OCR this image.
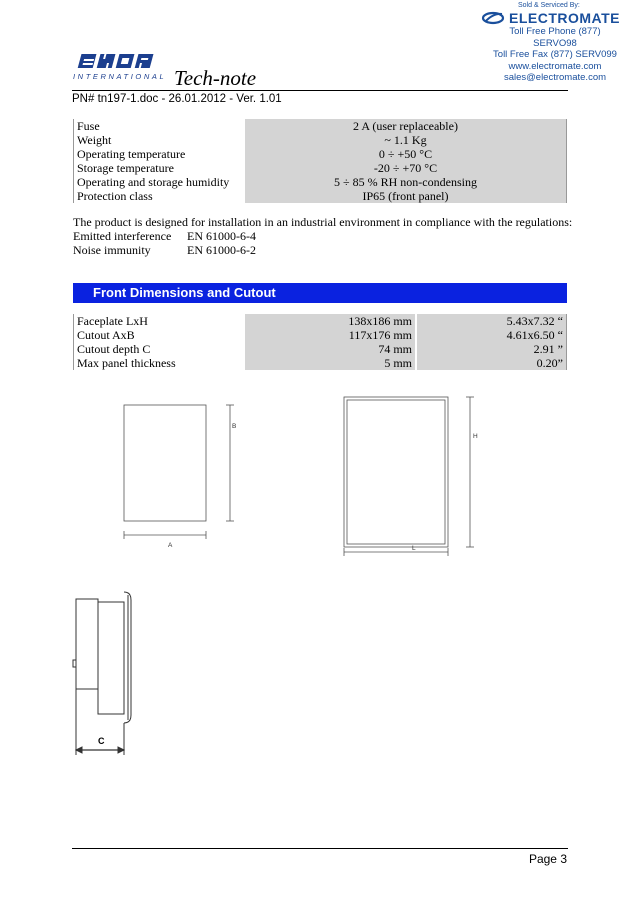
Sold & Serviced By:
ELECTROMATE
Toll Free Phone (877) SERVO98
Toll Free Fax (877) SERV099
www.electromate.com
sales@electromate.com
INTERNATIONAL Tech-note
PN# tn197-1.doc - 26.01.2012 - Ver. 1.01
Fuse	2 A (user replaceable)
Weight	~ 1.1 Kg
Operating temperature	0 ÷ +50 °C
Storage temperature	-20 ÷ +70 °C
Operating and storage humidity	5 ÷ 85 % RH non-condensing
Protection class	IP65 (front panel)
The product is designed for installation in an industrial environment in compliance with the regulations:
Emitted interference EN 61000-6-4
Noise immunity	EN 61000-6-2
Front Dimensions and Cutout
Faceplate LxH	138x186 mm	5.43x7.32 “
Cutout AxB	117x176 mm	4.61x6.50 “
Cutout depth C	74 mm	2.91 ”
Max panel thickness	5 mm	0.20”
B
A
H
L
C
Page 3
